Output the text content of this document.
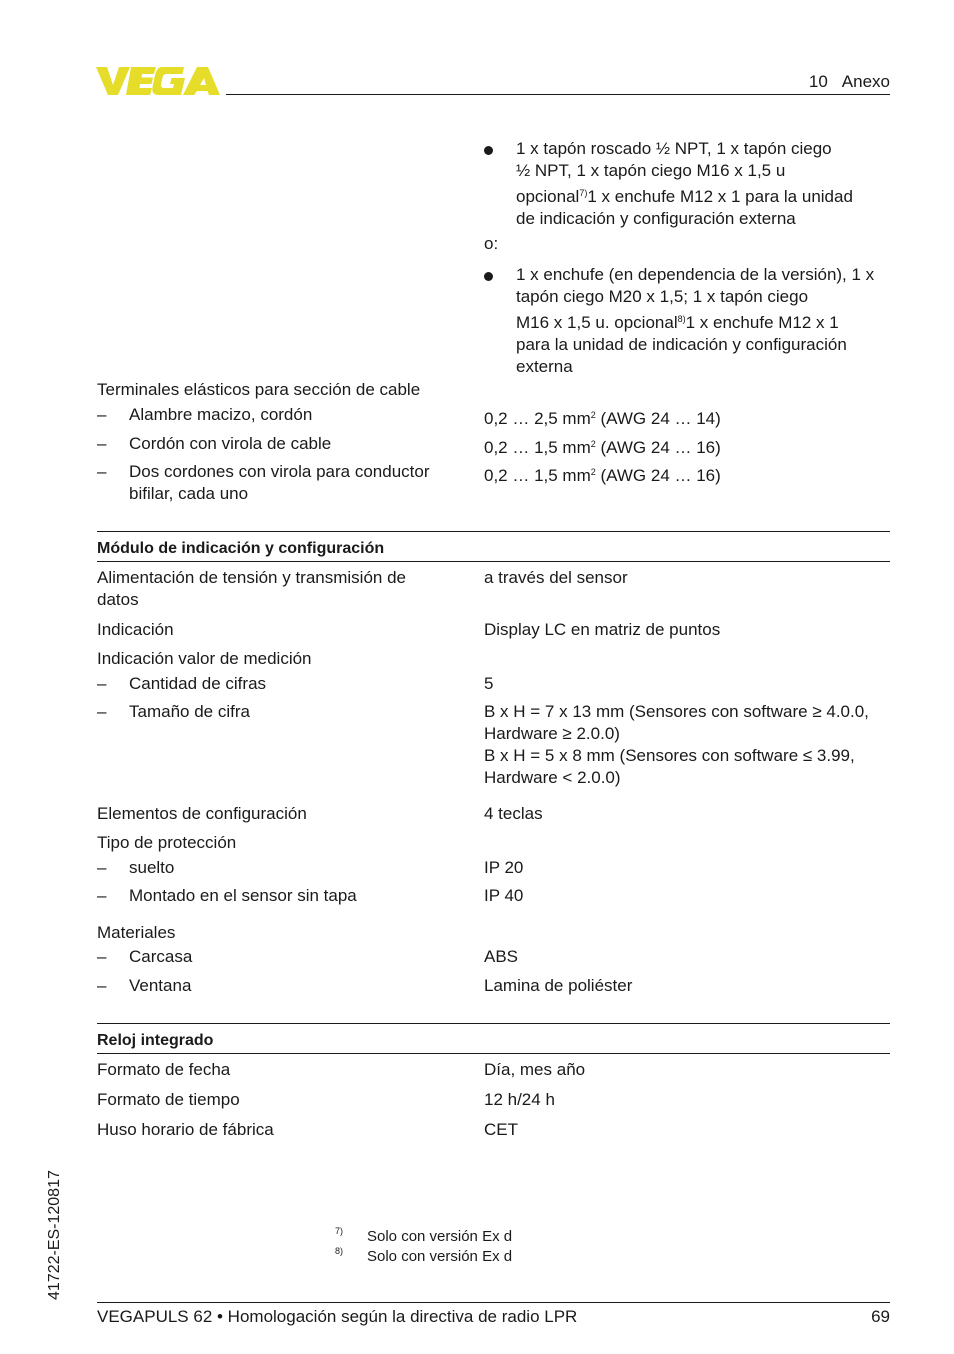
10 Anexo
1 x tapón roscado ½ NPT, 1 x tapón ciego
½ NPT, 1 x tapón ciego M16 x 1,5 u
opcional$^{7)}$1 x enchufe M12 x 1 para la unidad
de indicación y configuración externa
o:
1 x enchufe (en dependencia de la versión), 1 x
tapón ciego M20 x 1,5; 1 x tapón ciego
M16 x 1,5 u. opcional$^{8)}$1 x enchufe M12 x 1
para la unidad de indicación y configuración
externa
Terminales elásticos para sección de cable
– Alambre macizo, cordón	0,2 … 2,5 $mm^2$ (AWG 24 … 14)
– Cordón con virola de cable	0,2 … 1,5 $mm^2$ (AWG 24 … 16)
– Dos cordones con virola para conductor
bifilar, cada uno
0,2 … 1,5 $mm^2$ (AWG 24 … 16)
Módulo de indicación y configuración
Alimentación de tensión y transmisión de
datos
a través del sensor
Indicación	Display LC en matriz de puntos
Indicación valor de medición
– Cantidad de cifras	5
– Tamaño de cifra	B x H = 7 x 13 mm (Sensores con software ≥ 4.0.0,
Hardware ≥ 2.0.0)
B x H = 5 x 8 mm (Sensores con software ≤ 3.99,
Hardware < 2.0.0)
Elementos de configuración	4 teclas
Tipo de protección
– suelto	IP 20
– Montado en el sensor sin tapa	IP 40
Materiales
– Carcasa	ABS
– Ventana	Lamina de poliéster
Reloj integrado
Formato de fecha	Día, mes año
Formato de tiempo	12 h/24 h
Huso horario de fábrica	CET
7) Solo con versión Ex d
8) Solo con versión Ex d
41722-ES-120817
VEGAPULS 62 • Homologación según la directiva de radio LPR	69
